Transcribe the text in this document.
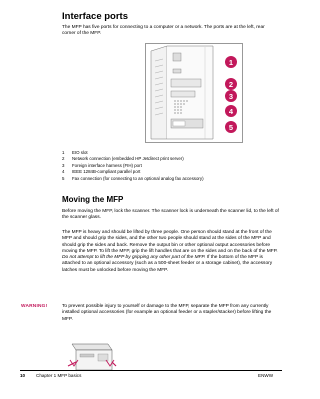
Interface ports
The MFP has five ports for connecting to a computer or a network. The ports are at the left, rear corner of the MFP.
1
2
3
4
5
1	EIO slot
2	Network connection (embedded HP Jetdirect print server)
3	Foreign interface harness (FIH) port
4	IEEE 1284B-compliant parallel port
5	Fax connection (for connecting to an optional analog fax accessory)
Moving the MFP
Before moving the MFP, lock the scanner. The scanner lock is underneath the scanner lid, to the left of the scanner glass.
The MFP is heavy and should be lifted by three people. One person should stand at the front of the MFP and should grip the sides, and the other two people should stand at the sides of the MFP and should grip the sides and back. Remove the output bin or other optional output accessories before moving the MFP. To lift the MFP, grip the lift handles that are on the sides and on the back of the MFP. Do not attempt to lift the MFP by gripping any other part of the MFP. If the bottom of the MFP is attached to an optional accessory (such as a 500-sheet feeder or a storage cabinet), the accessory latches must be unlocked before moving the MFP.
WARNING!	To prevent possible injury to yourself or damage to the MFP, separate the MFP from any currently installed optional accessories (for example an optional feeder or a stapler/stacker) before lifting the MFP.
10 Chapter 1 MFP basics	ENWW
